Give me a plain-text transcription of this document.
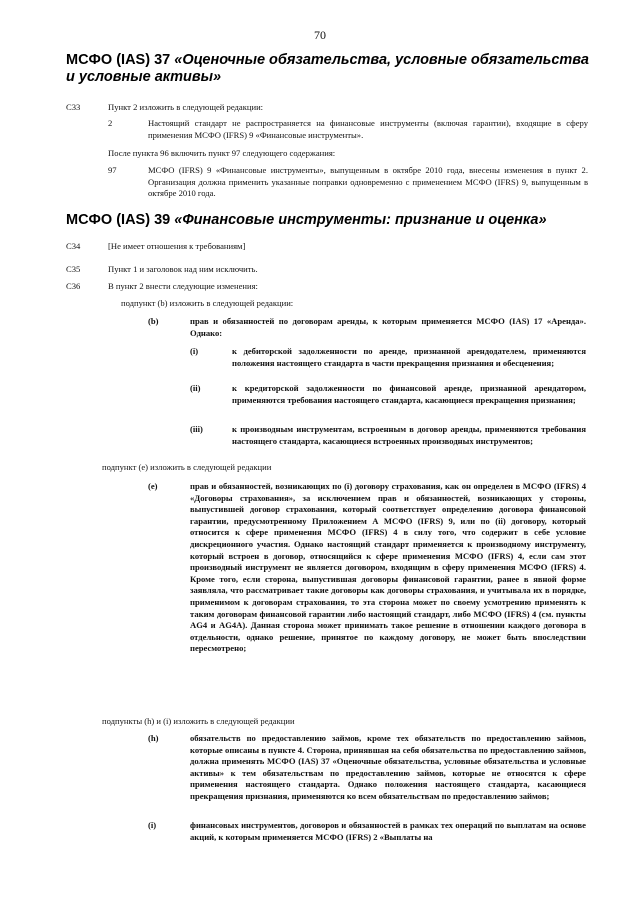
70
МСФО (IAS) 37 «Оценочные обязательства, условные обязательства и условные активы»
C33	Пункт 2 изложить в следующей редакции:
2	Настоящий стандарт не распространяется на финансовые инструменты (включая гарантии), входящие в сферу применения МСФО (IFRS) 9 «Финансовые инструменты».
После пункта 96 включить пункт 97 следующего содержания:
97	МСФО (IFRS) 9 «Финансовые инструменты», выпущенным в октябре 2010 года, внесены изменения в пункт 2. Организация должна применить указанные поправки одновременно с применением МСФО (IFRS) 9, выпущенным в октябре 2010 года.
МСФО (IAS) 39 «Финансовые инструменты: признание и оценка»
C34	[Не имеет отношения к требованиям]
C35	Пункт 1 и заголовок над ним исключить.
C36	В пункт 2 внести следующие изменения:
подпункт (b) изложить в следующей редакции:
(b)	прав и обязанностей по договорам аренды, к которым применяется МСФО (IAS) 17 «Аренда». Однако:
(i)	к дебиторской задолженности по аренде, признанной арендодателем, применяются положения настоящего стандарта в части прекращения признания и обесценения;
(ii)	к кредиторской задолженности по финансовой аренде, признанной арендатором, применяются требования настоящего стандарта, касающиеся прекращения признания;
(iii)	к производным инструментам, встроенным в договор аренды, применяются требования настоящего стандарта, касающиеся встроенных производных инструментов;
подпункт (e) изложить в следующей редакции
(e)	прав и обязанностей, возникающих по (i) договору страхования, как он определен в МСФО (IFRS) 4 «Договоры страхования», за исключением прав и обязанностей, возникающих у стороны, выпустившей договор страхования, который соответствует определению договора финансовой гарантии, предусмотренному Приложением А МСФО (IFRS) 9, или по (ii) договору, который относится к сфере применения МСФО (IFRS) 4 в силу того, что содержит в себе условие дискреционного участия. Однако настоящий стандарт применяется к производному инструменту, который встроен в договор, относящийся к сфере применения МСФО (IFRS) 4, если сам этот производный инструмент не является договором, входящим в сферу применения МСФО (IFRS) 4. Кроме того, если сторона, выпустившая договоры финансовой гарантии, ранее в явной форме заявляла, что рассматривает такие договоры как договоры страхования, и учитывала их в порядке, применимом к договорам страхования, то эта сторона может по своему усмотрению применять к таким договорам финансовой гарантии либо настоящий стандарт, либо МСФО (IFRS) 4 (см. пункты AG4 и AG4A). Данная сторона может принимать такое решение в отношении каждого договора в отдельности, однако решение, принятое по каждому договору, не может быть впоследствии пересмотрено;
подпункты (h) и (i) изложить в следующей редакции
(h)	обязательств по предоставлению займов, кроме тех обязательств по предоставлению займов, которые описаны в пункте 4. Сторона, принявшая на себя обязательства по предоставлению займов, должна применять МСФО (IAS) 37 «Оценочные обязательства, условные обязательства и условные активы» к тем обязательствам по предоставлению займов, которые не относятся к сфере применения настоящего стандарта. Однако положения настоящего стандарта, касающиеся прекращения признания, применяются ко всем обязательствам по предоставлению займов;
(i)	финансовых инструментов, договоров и обязанностей в рамках тех операций по выплатам на основе акций, к которым применяется МСФО (IFRS) 2 «Выплаты на
